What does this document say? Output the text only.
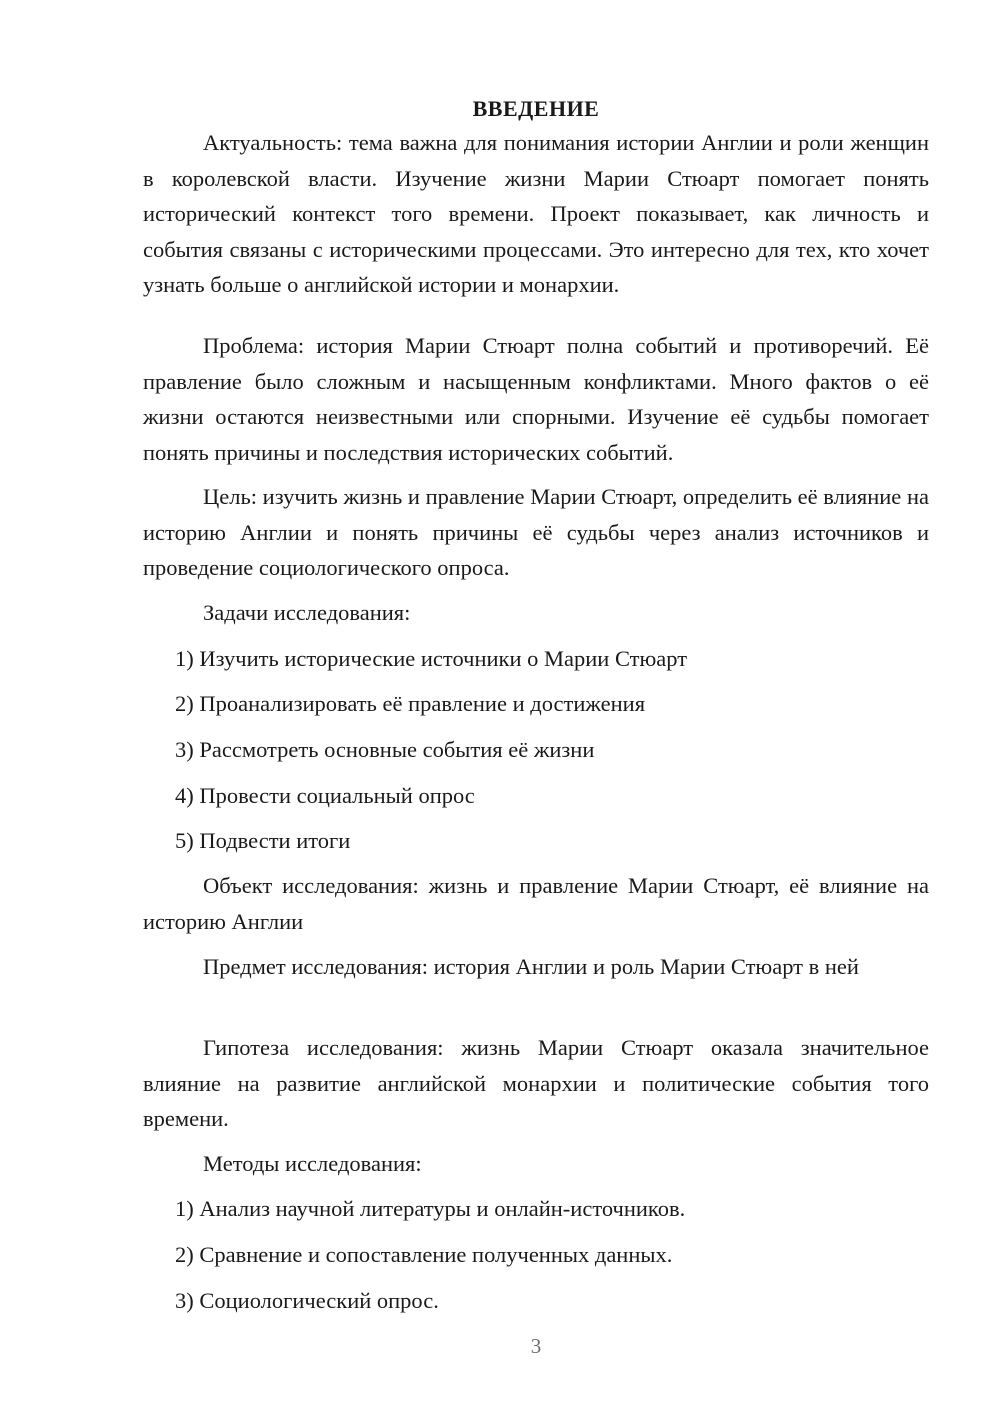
ВВЕДЕНИЕ

Актуальность: тема важна для понимания истории Англии и роли женщин в королевской власти. Изучение жизни Марии Стюарт помогает понять исторический контекст того времени. Проект показывает, как личность и события связаны с историческими процессами. Это интересно для тех, кто хочет узнать больше о английской истории и монархии.

Проблема: история Марии Стюарт полна событий и противоречий. Её правление было сложным и насыщенным конфликтами. Много фактов о её жизни остаются неизвестными или спорными. Изучение её судьбы помогает понять причины и последствия исторических событий.

Цель: изучить жизнь и правление Марии Стюарт, определить её влияние на историю Англии и понять причины её судьбы через анализ источников и проведение социологического опроса.

Задачи исследования:
1) Изучить исторические источники о Марии Стюарт
2) Проанализировать её правление и достижения
3) Рассмотреть основные события её жизни
4) Провести социальный опрос
5) Подвести итоги

Объект исследования: жизнь и правление Марии Стюарт, её влияние на историю Англии

Предмет исследования: история Англии и роль Марии Стюарт в ней

Гипотеза исследования: жизнь Марии Стюарт оказала значительное влияние на развитие английской монархии и политические события того времени.

Методы исследования:
1) Анализ научной литературы и онлайн-источников.
2) Сравнение и сопоставление полученных данных.
3) Социологический опрос.
3
